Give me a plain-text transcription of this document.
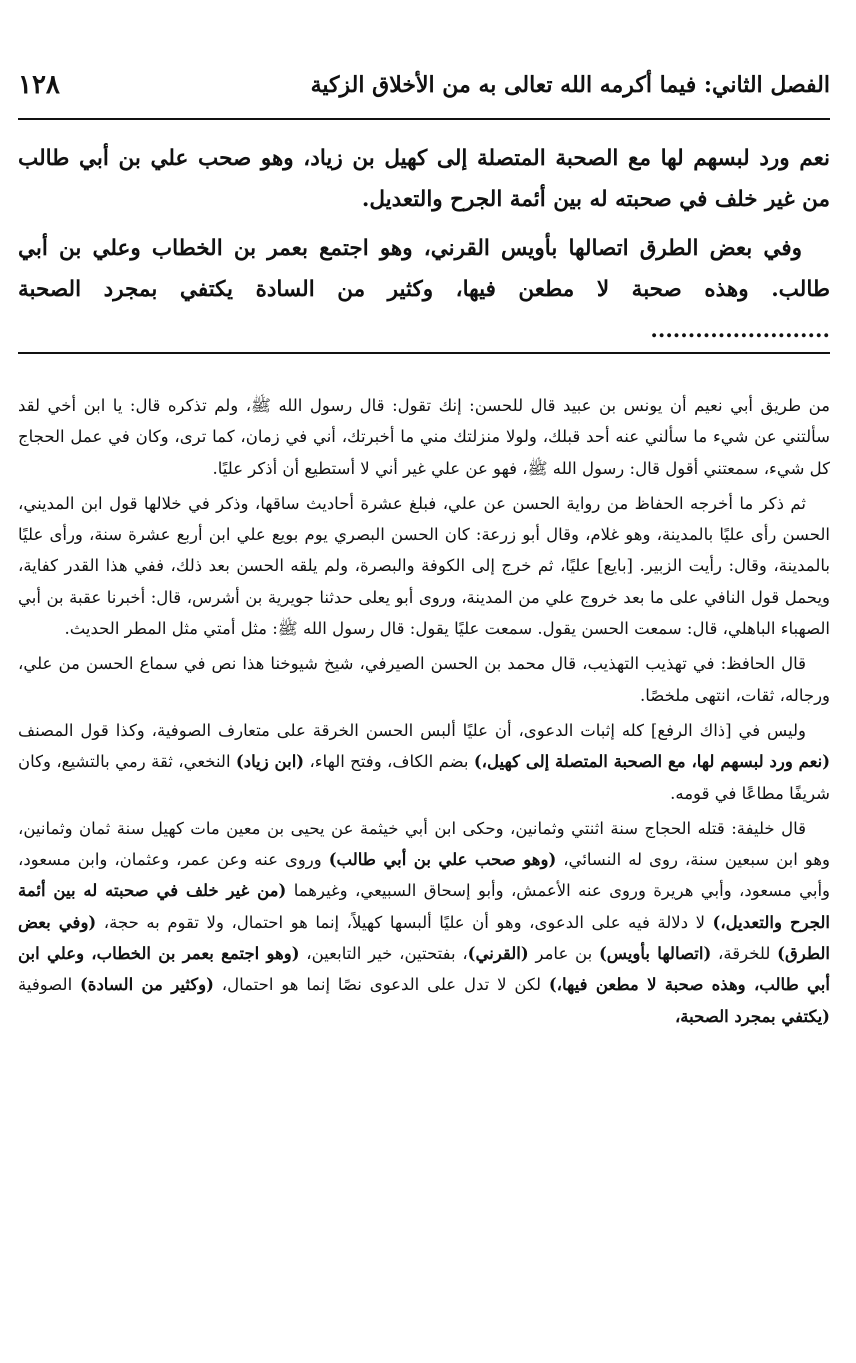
الفصل الثاني: فيما أكرمه الله تعالى به من الأخلاق الزكية
١٢٨

نعم ورد لبسهم لها مع الصحبة المتصلة إلى كهيل بن زياد، وهو صحب علي بن أبي طالب من غير خلف في صحبته له بين أئمة الجرح والتعديل.

وفي بعض الطرق اتصالها بأويس القرني، وهو اجتمع بعمر بن الخطاب وعلي بن أبي طالب. وهذه صحبة لا مطعن فيها، وكثير من السادة يكتفي بمجرد الصحبة ........................

من طريق أبي نعيم أن يونس بن عبيد قال للحسن: إنك تقول: قال رسول الله ﷺ، ولم تذكره قال: يا ابن أخي لقد سألتني عن شيء ما سألني عنه أحد قبلك، ولولا منزلتك مني ما أخبرتك، أني في زمان، كما ترى، وكان في عمل الحجاج كل شيء، سمعتني أقول قال: رسول الله ﷺ، فهو عن علي غير أني لا أستطيع أن أذكر عليًا.

ثم ذكر ما أخرجه الحفاظ من رواية الحسن عن علي، فبلغ عشرة أحاديث ساقها، وذكر في خلالها قول ابن المديني، الحسن رأى عليًا بالمدينة، وهو غلام، وقال أبو زرعة: كان الحسن البصري يوم بويع علي ابن أربع عشرة سنة، ورأى عليًا بالمدينة، وقال: رأيت الزبير. [بايع] عليًا، ثم خرج إلى الكوفة والبصرة، ولم يلقه الحسن بعد ذلك، ففي هذا القدر كفاية، ويحمل قول النافي على ما بعد خروج علي من المدينة، وروى أبو يعلى حدثنا جويرية بن أشرس، قال: أخبرنا عقبة بن أبي الصهباء الباهلي، قال: سمعت الحسن يقول. سمعت عليًا يقول: قال رسول الله ﷺ: مثل أمتي مثل المطر الحديث.

قال الحافظ: في تهذيب التهذيب، قال محمد بن الحسن الصيرفي، شيخ شيوخنا هذا نص في سماع الحسن من علي، ورجاله، ثقات، انتهى ملخصًا.

وليس في [ذاك الرفع] كله إثبات الدعوى، أن عليًا ألبس الحسن الخرقة على متعارف الصوفية، وكذا قول المصنف (نعم ورد لبسهم لها، مع الصحبة المتصلة إلى كهيل،) بضم الكاف، وفتح الهاء، (ابن زياد) النخعي، ثقة رمي بالتشيع، وكان شريفًا مطاعًا في قومه.

قال خليفة: قتله الحجاج سنة اثنتي وثمانين، وحكى ابن أبي خيثمة عن يحيى بن معين مات كهيل سنة ثمان وثمانين، وهو ابن سبعين سنة، روى له النسائي، (وهو صحب علي بن أبي طالب) وروى عنه وعن عمر، وعثمان، وابن مسعود، وأبي مسعود، وأبي هريرة وروى عنه الأعمش، وأبو إسحاق السبيعي، وغيرهما (من غير خلف في صحبته له بين أئمة الجرح والتعديل،) لا دلالة فيه على الدعوى، وهو أن عليًا ألبسها كهيلاً، إنما هو احتمال، ولا تقوم به حجة، (وفي بعض الطرق) للخرقة، (اتصالها بأويس) بن عامر (القرني)، بفتحتين، خير التابعين، (وهو اجتمع بعمر بن الخطاب، وعلي ابن أبي طالب، وهذه صحبة لا مطعن فيها،) لكن لا تدل على الدعوى نصًا إنما هو احتمال، (وكثير من السادة) الصوفية (يكتفي بمجرد الصحبة،
